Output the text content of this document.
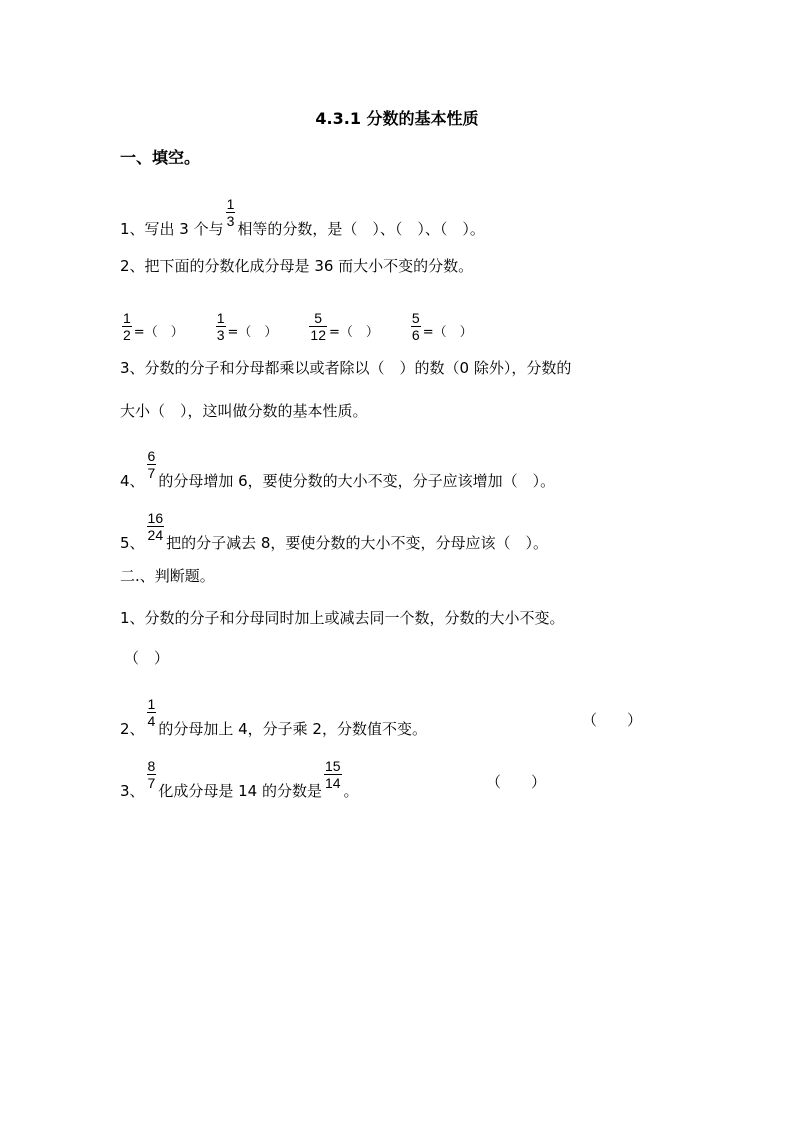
4.3.1 分数的基本性质
一、填空。
1、写出 3 个与 $\frac{1}{3}$ 相等的分数，是（　）、（　）、（　）。
2、把下面的分数化成分母是 36 而大小不变的分数。
$\frac{1}{2}$ =（　） $\frac{1}{3}$ =（　） $\frac{5}{12}$ =（　） $\frac{5}{6}$ =（　）
3、分数的分子和分母都乘以或者除以（　）的数（0 除外），分数的
大小（　），这叫做分数的基本性质。
4、 $\frac{6}{7}$ 的分母增加 6，要使分数的大小不变，分子应该增加（　）。
5、 $\frac{16}{24}$ 把的分子减去 8，要使分数的大小不变，分母应该（　）。
二.、判断题。
1、分数的分子和分母同时加上或减去同一个数，分数的大小不变。
（　）
2、 $\frac{1}{4}$ 的分母加上 4，分子乘 2，分数值不变。	（　　）
3、 $\frac{8}{7}$ 化成分母是 14 的分数是 $\frac{15}{14}$ 。	（　　）
